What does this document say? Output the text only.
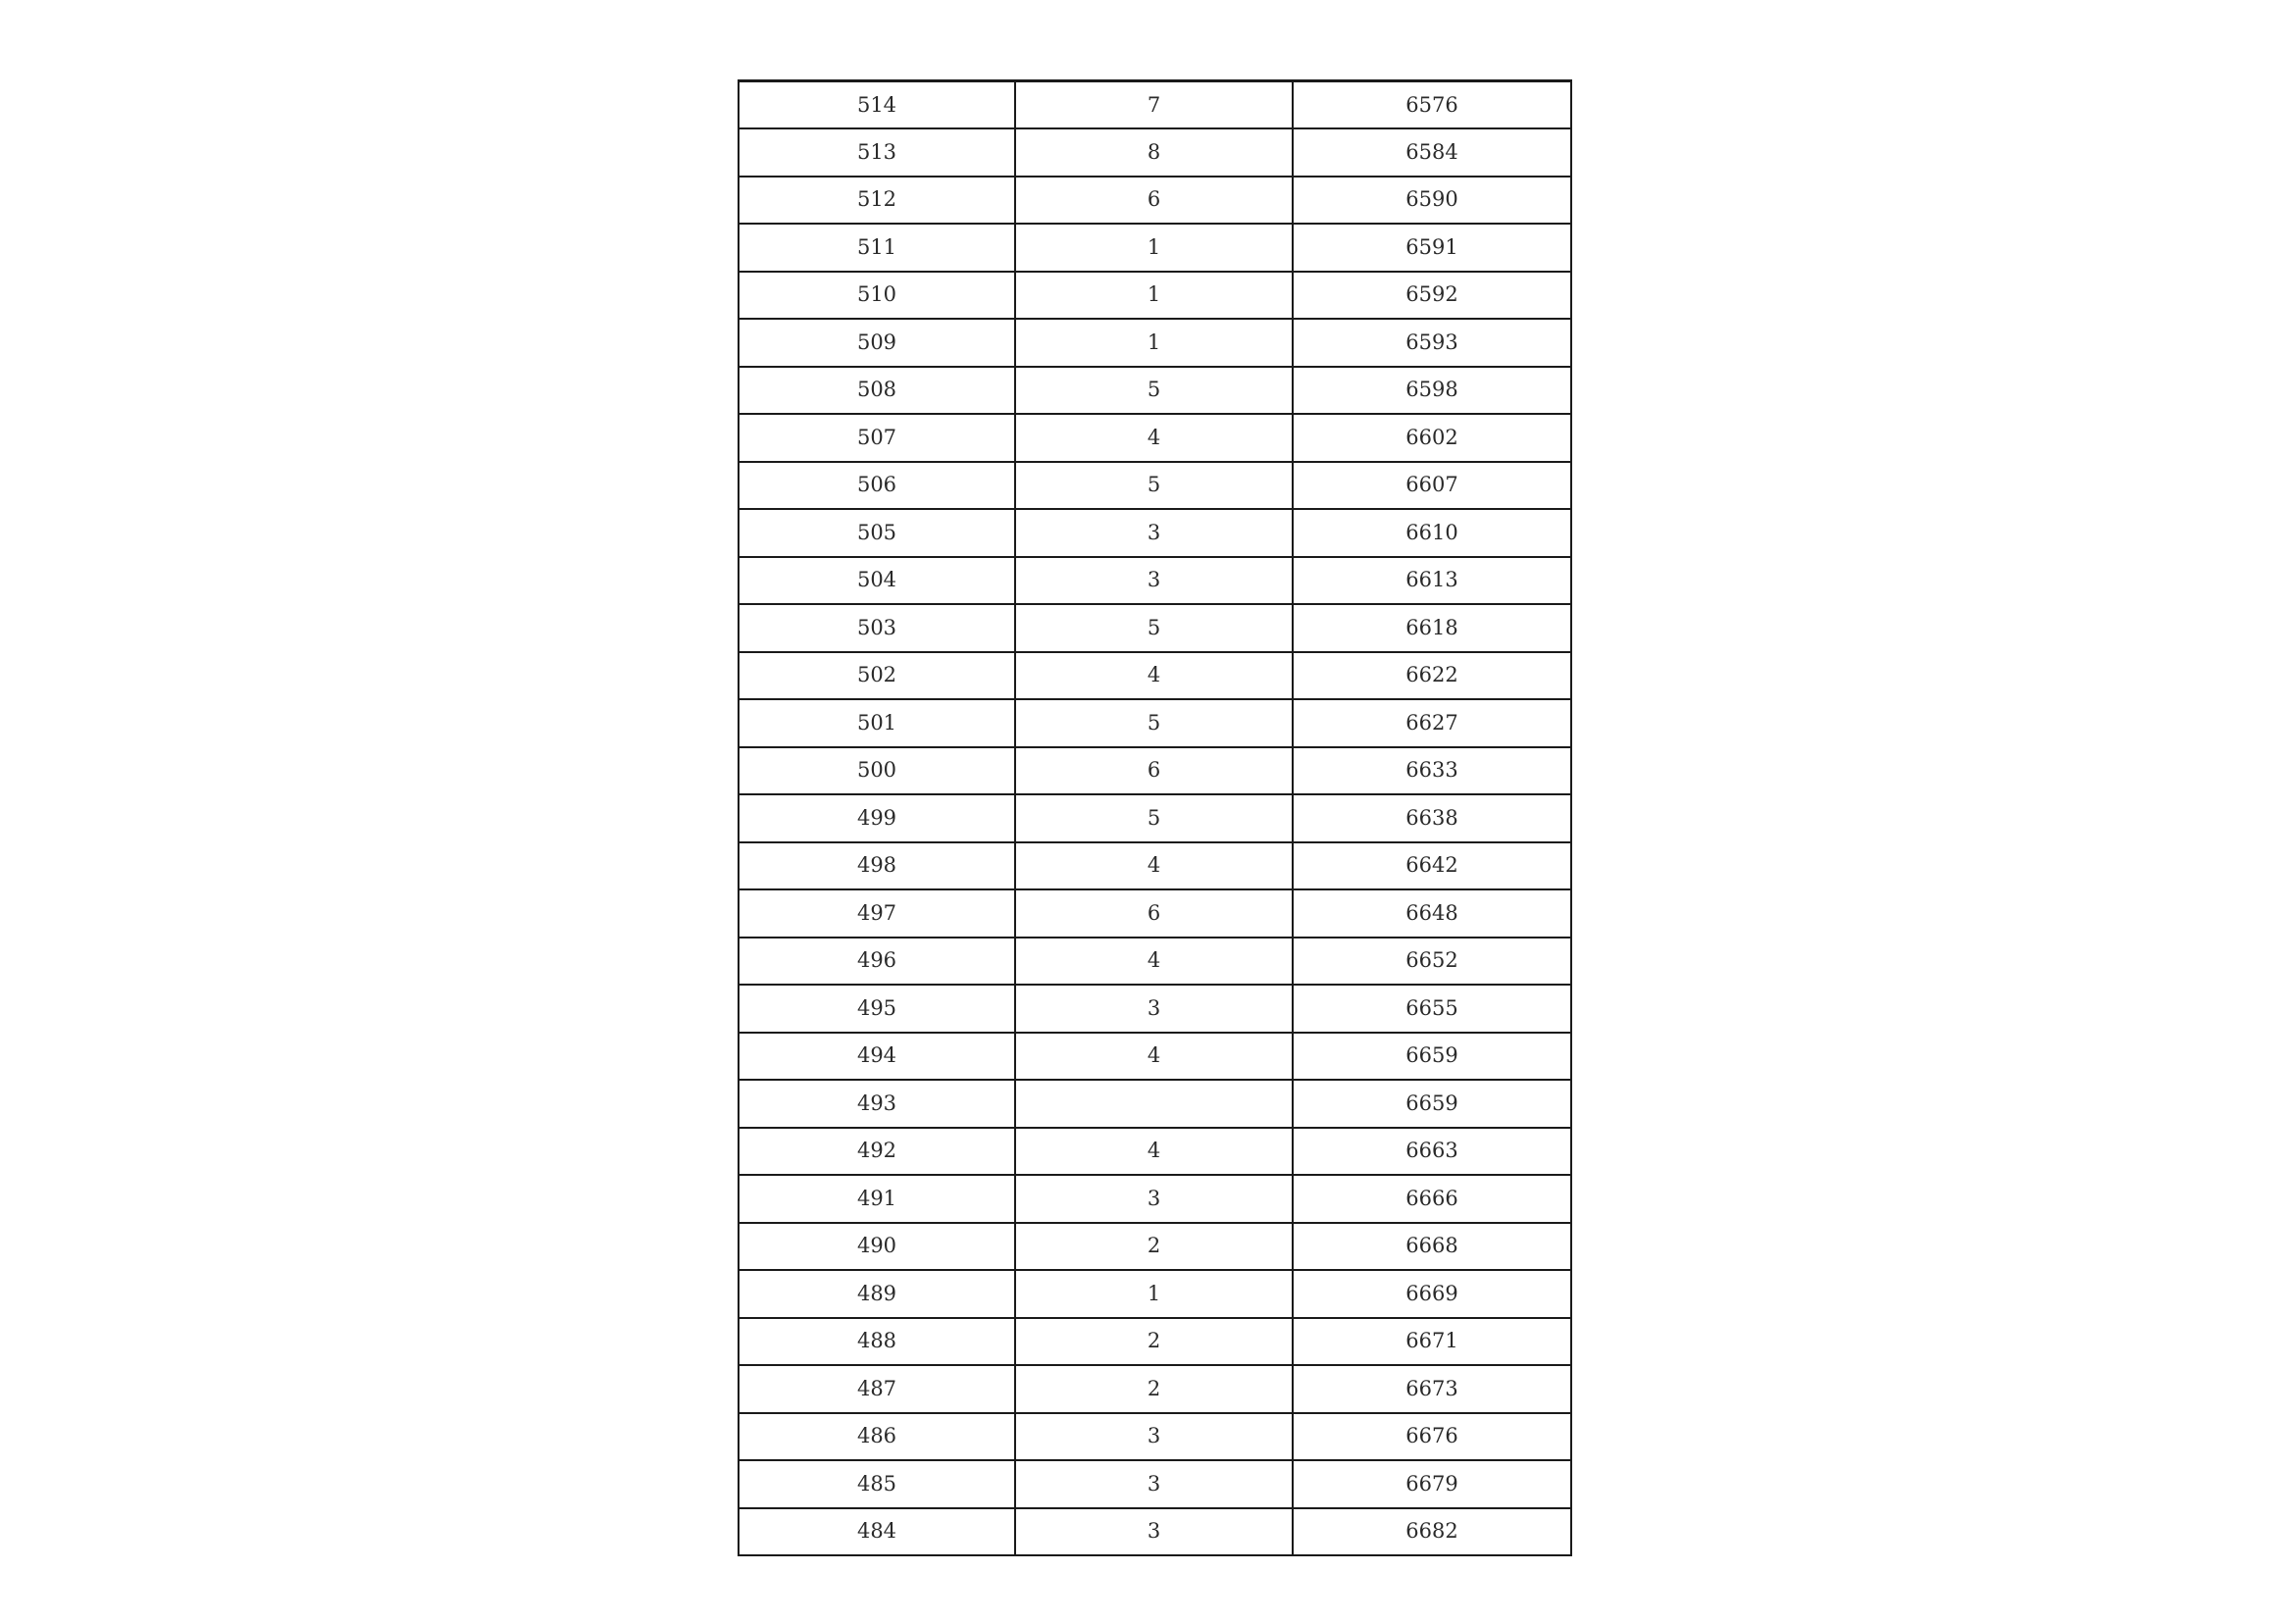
514	7	6576
513	8	6584
512	6	6590
511	1	6591
510	1	6592
509	1	6593
508	5	6598
507	4	6602
506	5	6607
505	3	6610
504	3	6613
503	5	6618
502	4	6622
501	5	6627
500	6	6633
499	5	6638
498	4	6642
497	6	6648
496	4	6652
495	3	6655
494	4	6659
493		6659
492	4	6663
491	3	6666
490	2	6668
489	1	6669
488	2	6671
487	2	6673
486	3	6676
485	3	6679
484	3	6682
